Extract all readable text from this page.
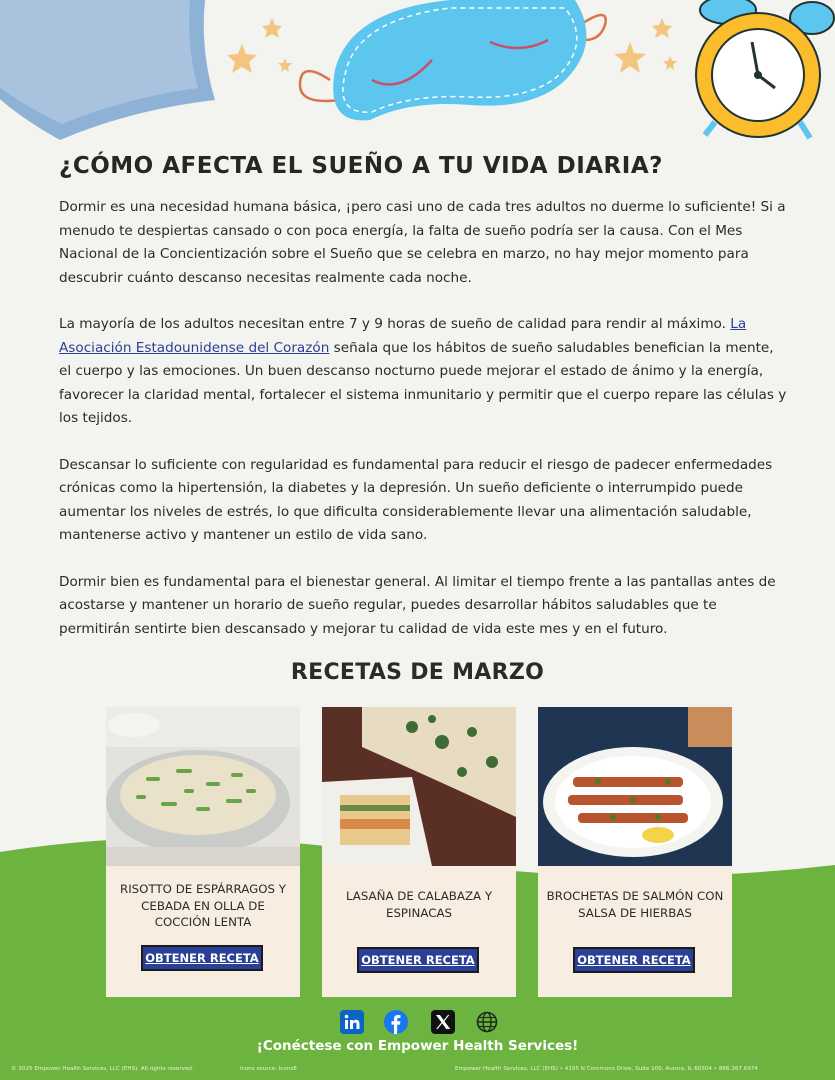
¿CÓMO AFECTA EL SUEÑO A TU VIDA DIARIA?

Dormir es una necesidad humana básica, ¡pero casi uno de cada tres adultos no duerme lo suficiente! Si a menudo te despiertas cansado o con poca energía, la falta de sueño podría ser la causa. Con el Mes Nacional de la Concientización sobre el Sueño que se celebra en marzo, no hay mejor momento para descubrir cuánto descanso necesitas realmente cada noche.

La mayoría de los adultos necesitan entre 7 y 9 horas de sueño de calidad para rendir al máximo. La Asociación Estadounidense del Corazón señala que los hábitos de sueño saludables benefician la mente, el cuerpo y las emociones. Un buen descanso nocturno puede mejorar el estado de ánimo y la energía, favorecer la claridad mental, fortalecer el sistema inmunitario y permitir que el cuerpo repare las células y los tejidos.

Descansar lo suficiente con regularidad es fundamental para reducir el riesgo de padecer enfermedades crónicas como la hipertensión, la diabetes y la depresión. Un sueño deficiente o interrumpido puede aumentar los niveles de estrés, lo que dificulta considerablemente llevar una alimentación saludable, mantenerse activo y mantener un estilo de vida sano.

Dormir bien es fundamental para el bienestar general. Al limitar el tiempo frente a las pantallas antes de acostarse y mantener un horario de sueño regular, puedes desarrollar hábitos saludables que te permitirán sentirte bien descansado y mejorar tu calidad de vida este mes y en el futuro.

RECETAS DE MARZO
RISOTTO DE ESPÁRRAGOS Y CEBADA EN OLLA DE COCCIÓN LENTA
OBTENER RECETA
LASAÑA DE CALABAZA Y ESPINACAS
OBTENER RECETA
BROCHETAS DE SALMÓN CON SALSA DE HIERBAS
OBTENER RECETA
¡Conéctese con Empower Health Services!
© 2025 Empower Health Services, LLC (EHS). All rights reserved.	Icons source: Icons8	Empower Health Services, LLC (EHS) • 4195 N Commons Drive, Suite 100, Aurora, IL 60504 • 866.367.6974
